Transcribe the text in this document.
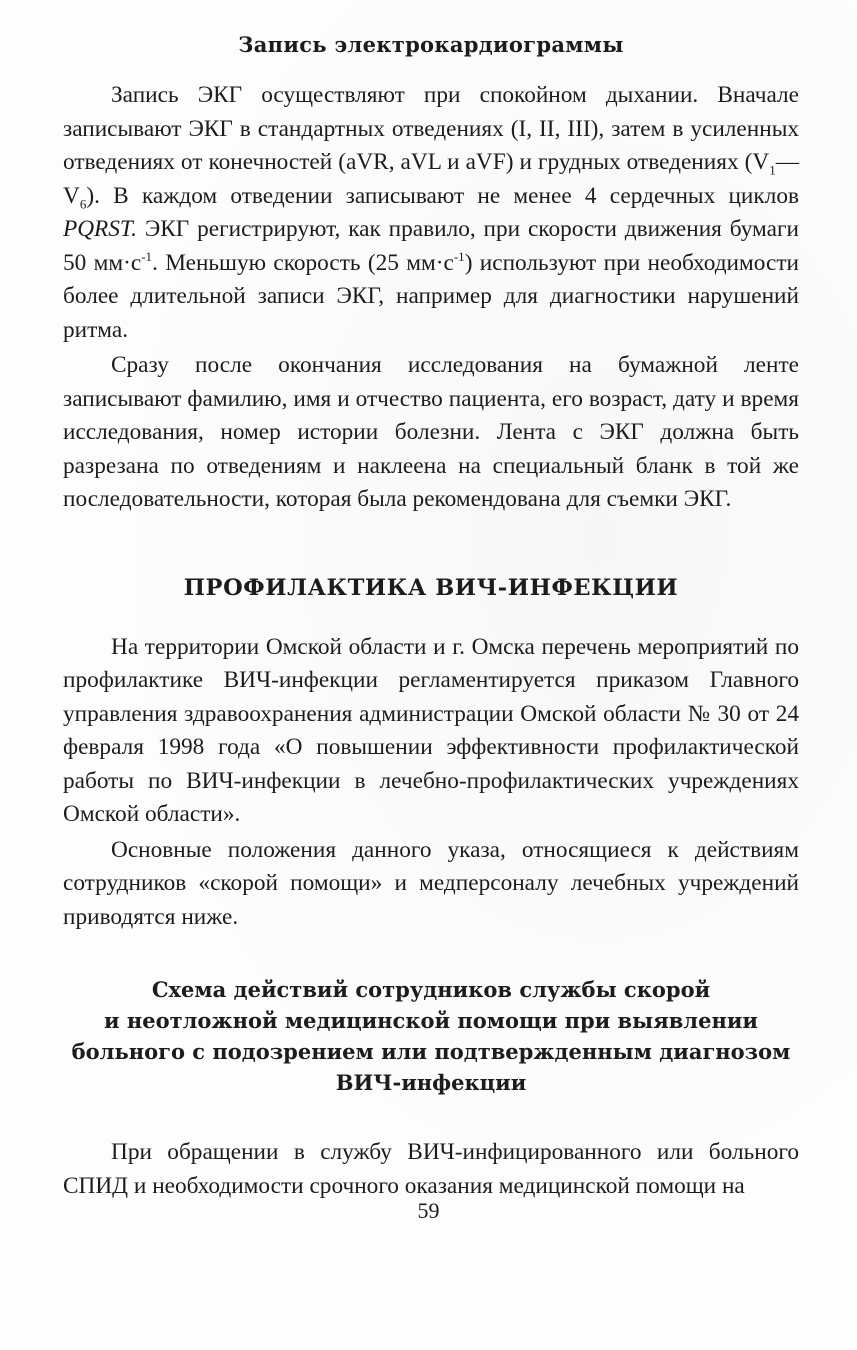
Запись электрокардиограммы

Запись ЭКГ осуществляют при спокойном дыхании. Вначале записывают ЭКГ в стандартных отведениях (I, II, III), затем в усиленных отведениях от конечностей (aVR, aVL и aVF) и грудных отведениях ($V_1—$ $V_6$). В каждом отведении записывают не менее 4 сердечных циклов PQRST. ЭКГ регистрируют, как правило, при скорости движения бумаги 50 $мм\cdot с^{-1}$. Меньшую скорость (25 $мм\cdot с^{-1}$) используют при необходимости более длительной записи ЭКГ, например для диагностики нарушений ритма.

Сразу после окончания исследования на бумажной ленте записывают фамилию, имя и отчество пациента, его возраст, дату и время исследования, номер истории болезни. Лента с ЭКГ должна быть разрезана по отведениям и наклеена на специальный бланк в той же последовательности, которая была рекомендована для съемки ЭКГ.

ПРОФИЛАКТИКА ВИЧ-ИНФЕКЦИИ

На территории Омской области и г. Омска перечень мероприятий по профилактике ВИЧ-инфекции регламентируется приказом Главного управления здравоохранения администрации Омской области № 30 от 24 февраля 1998 года «О повышении эффективности профилактической работы по ВИЧ-инфекции в лечебно-профилактических учреждениях Омской области».

Основные положения данного указа, относящиеся к действиям сотрудников «скорой помощи» и медперсоналу лечебных учреждений приводятся ниже.

Схема действий сотрудников службы скорой
и неотложной медицинской помощи при выявлении
больного с подозрением или подтвержденным диагнозом
ВИЧ-инфекции

При обращении в службу ВИЧ-инфицированного или больного СПИД и необходимости срочного оказания медицинской помощи на

59
